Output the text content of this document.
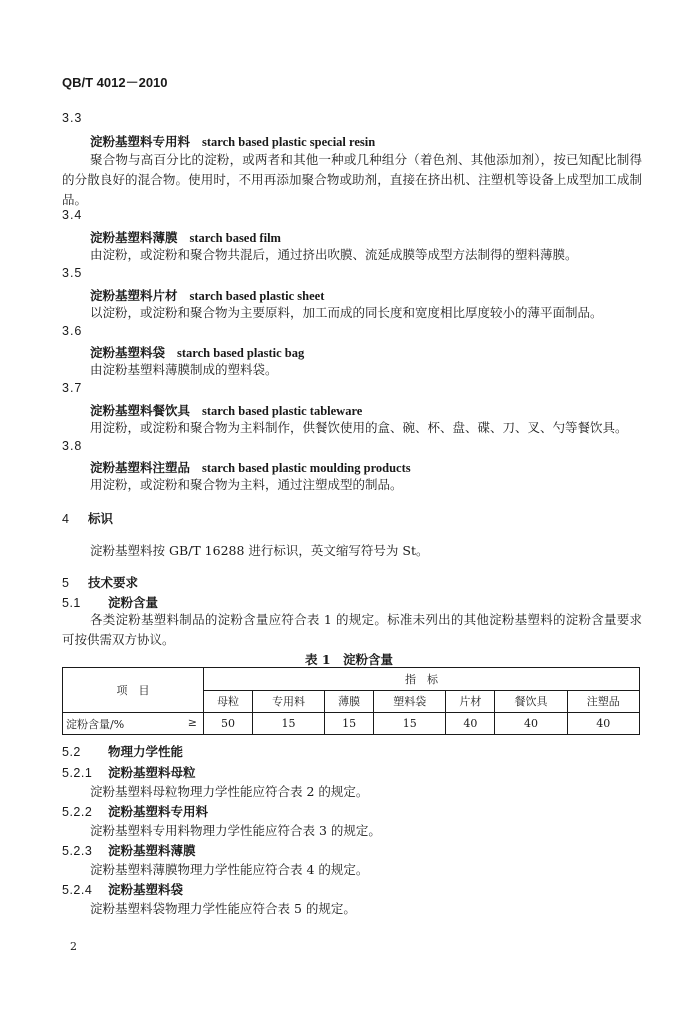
QB/T 4012－2010
3.3
淀粉基塑料专用料 starch based plastic special resin

聚合物与高百分比的淀粉，或两者和其他一种或几种组分（着色剂、其他添加剂），按已知配比制得的分散良好的混合物。使用时，不用再添加聚合物或助剂，直接在挤出机、注塑机等设备上成型加工成制品。

3.4
淀粉基塑料薄膜 starch based film
由淀粉，或淀粉和聚合物共混后，通过挤出吹膜、流延成膜等成型方法制得的塑料薄膜。
3.5
淀粉基塑料片材 starch based plastic sheet
以淀粉，或淀粉和聚合物为主要原料，加工而成的同长度和宽度相比厚度较小的薄平面制品。
3.6
淀粉基塑料袋 starch based plastic bag
由淀粉基塑料薄膜制成的塑料袋。
3.7
淀粉基塑料餐饮具 starch based plastic tableware
用淀粉，或淀粉和聚合物为主料制作，供餐饮使用的盒、碗、杯、盘、碟、刀、叉、勺等餐饮具。
3.8
淀粉基塑料注塑品 starch based plastic moulding products
用淀粉，或淀粉和聚合物为主料，通过注塑成型的制品。
4 标识
淀粉基塑料按 GB/T 16288 进行标识，英文缩写符号为 St。
5 技术要求
5.1 淀粉含量

各类淀粉基塑料制品的淀粉含量应符合表 1 的规定。标准未列出的其他淀粉基塑料的淀粉含量要求可按供需双方协议。

表 1　淀粉含量
项　目	指　标						
	母粒	专用料	薄膜	塑料袋	片材	餐饮具	注塑品
淀粉含量/% ≥	50	15	15	15	40	40	40
5.2 物理力学性能
5.2.1 淀粉基塑料母粒
淀粉基塑料母粒物理力学性能应符合表 2 的规定。
5.2.2 淀粉基塑料专用料
淀粉基塑料专用料物理力学性能应符合表 3 的规定。
5.2.3 淀粉基塑料薄膜
淀粉基塑料薄膜物理力学性能应符合表 4 的规定。
5.2.4 淀粉基塑料袋
淀粉基塑料袋物理力学性能应符合表 5 的规定。
2
